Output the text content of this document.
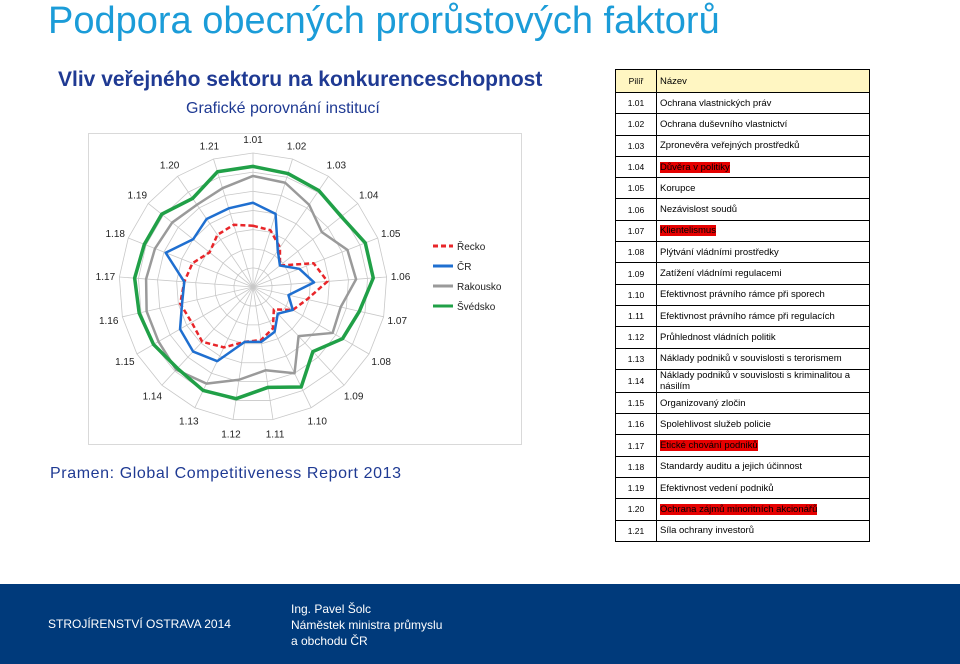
Podpora obecných prorůstových faktorů
Vliv veřejného sektoru na konkurenceschopnost
Grafické porovnání institucí
1.01
1.02
1.03
1.04
1.05
1.06
1.07
1.08
1.09
1.10
1.11
1.12
1.13
1.14
1.15
1.16
1.17
1.18
1.19
1.20
1.21
Řecko
ČR
Rakousko
Švédsko
Pramen: Global Competitiveness Report 2013
Pilíř	Název
1.01	Ochrana vlastnických práv
1.02	Ochrana duševního vlastnictví
1.03	Zpronevěra veřejných prostředků
1.04	Důvěra v politiky
1.05	Korupce
1.06	Nezávislost soudů
1.07	Klientelismus
1.08	Plýtvání vládními prostředky
1.09	Zatížení vládními regulacemi
1.10	Efektivnost právního rámce při sporech
1.11	Efektivnost právního rámce při regulacích
1.12	Průhlednost vládních politik
1.13	Náklady podniků v souvislosti s terorismem
1.14	Náklady podniků v souvislosti s kriminalitou a násilím
1.15	Organizovaný zločin
1.16	Spolehlivost služeb policie
1.17	Etické chování podniků
1.18	Standardy auditu a jejich účinnost
1.19	Efektivnost vedení podniků
1.20	Ochrana zájmů minoritních akcionářů
1.21	Síla ochrany investorů
STROJÍRENSTVÍ OSTRAVA 2014
Ing. Pavel Šolc
Náměstek ministra průmyslu
a obchodu ČR
